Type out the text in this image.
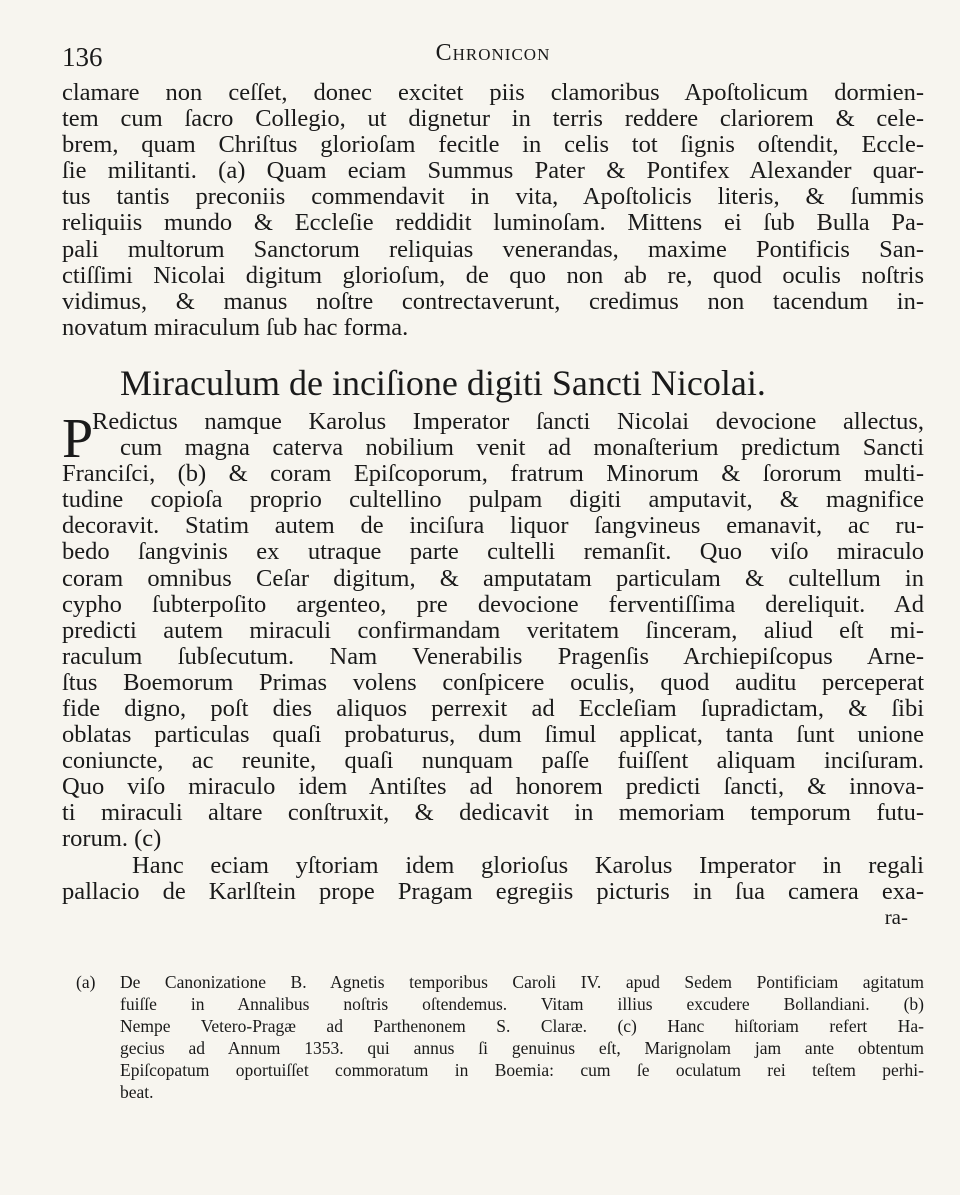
136	Chronicon
clamare non ceſſet, donec excitet piis clamoribus Apoſtolicum dormien-
tem cum ſacro Collegio, ut dignetur in terris reddere clariorem & cele-
brem, quam Chriſtus glorioſam fecitle in celis tot ſignis oſtendit, Eccle-
ſie militanti. (a) Quam eciam Summus Pater & Pontifex Alexander quar-
tus tantis preconiis commendavit in vita, Apoſtolicis literis, & ſummis
reliquiis mundo & Eccleſie reddidit luminoſam. Mittens ei ſub Bulla Pa-
pali multorum Sanctorum reliquias venerandas, maxime Pontificis San-
ctiſſimi Nicolai digitum glorioſum, de quo non ab re, quod oculis noſtris
vidimus, & manus noſtre contrectaverunt, credimus non tacendum in-
novatum miraculum ſub hac forma.
Miraculum de inciſione digiti Sancti Nicolai.
P
Redictus namque Karolus Imperator ſancti Nicolai devocione allectus,
cum magna caterva nobilium venit ad monaſterium predictum Sancti
Franciſci, (b) & coram Epiſcoporum, fratrum Minorum & ſororum multi-
tudine copioſa proprio cultellino pulpam digiti amputavit, & magnifice
decoravit. Statim autem de inciſura liquor ſangvineus emanavit, ac ru-
bedo ſangvinis ex utraque parte cultelli remanſit. Quo viſo miraculo
coram omnibus Ceſar digitum, & amputatam particulam & cultellum in
cypho ſubterpoſito argenteo, pre devocione ferventiſſima dereliquit. Ad
predicti autem miraculi confirmandam veritatem ſinceram, aliud eſt mi-
raculum ſubſecutum. Nam Venerabilis Pragenſis Archiepiſcopus Arne-
ſtus Boemorum Primas volens conſpicere oculis, quod auditu perceperat
fide digno, poſt dies aliquos perrexit ad Eccleſiam ſupradictam, & ſibi
oblatas particulas quaſi probaturus, dum ſimul applicat, tanta ſunt unione
coniuncte, ac reunite, quaſi nunquam paſſe fuiſſent aliquam inciſuram.
Quo viſo miraculo idem Antiſtes ad honorem predicti ſancti, & innova-
ti miraculi altare conſtruxit, & dedicavit in memoriam temporum futu-
rorum. (c)
Hanc eciam yſtoriam idem glorioſus Karolus Imperator in regali
pallacio de Karlſtein prope Pragam egregiis picturis in ſua camera exa-
ra-
(a) De Canonizatione B. Agnetis temporibus Caroli IV. apud Sedem Pontificiam agitatum
fuiſſe in Annalibus noſtris oſtendemus. Vitam illius excudere Bollandiani. (b)
Nempe Vetero-Pragæ ad Parthenonem S. Claræ. (c) Hanc hiſtoriam refert Ha-
gecius ad Annum 1353. qui annus ſi genuinus eſt, Marignolam jam ante obtentum
Epiſcopatum oportuiſſet commoratum in Boemia: cum ſe oculatum rei teſtem perhi-
beat.
